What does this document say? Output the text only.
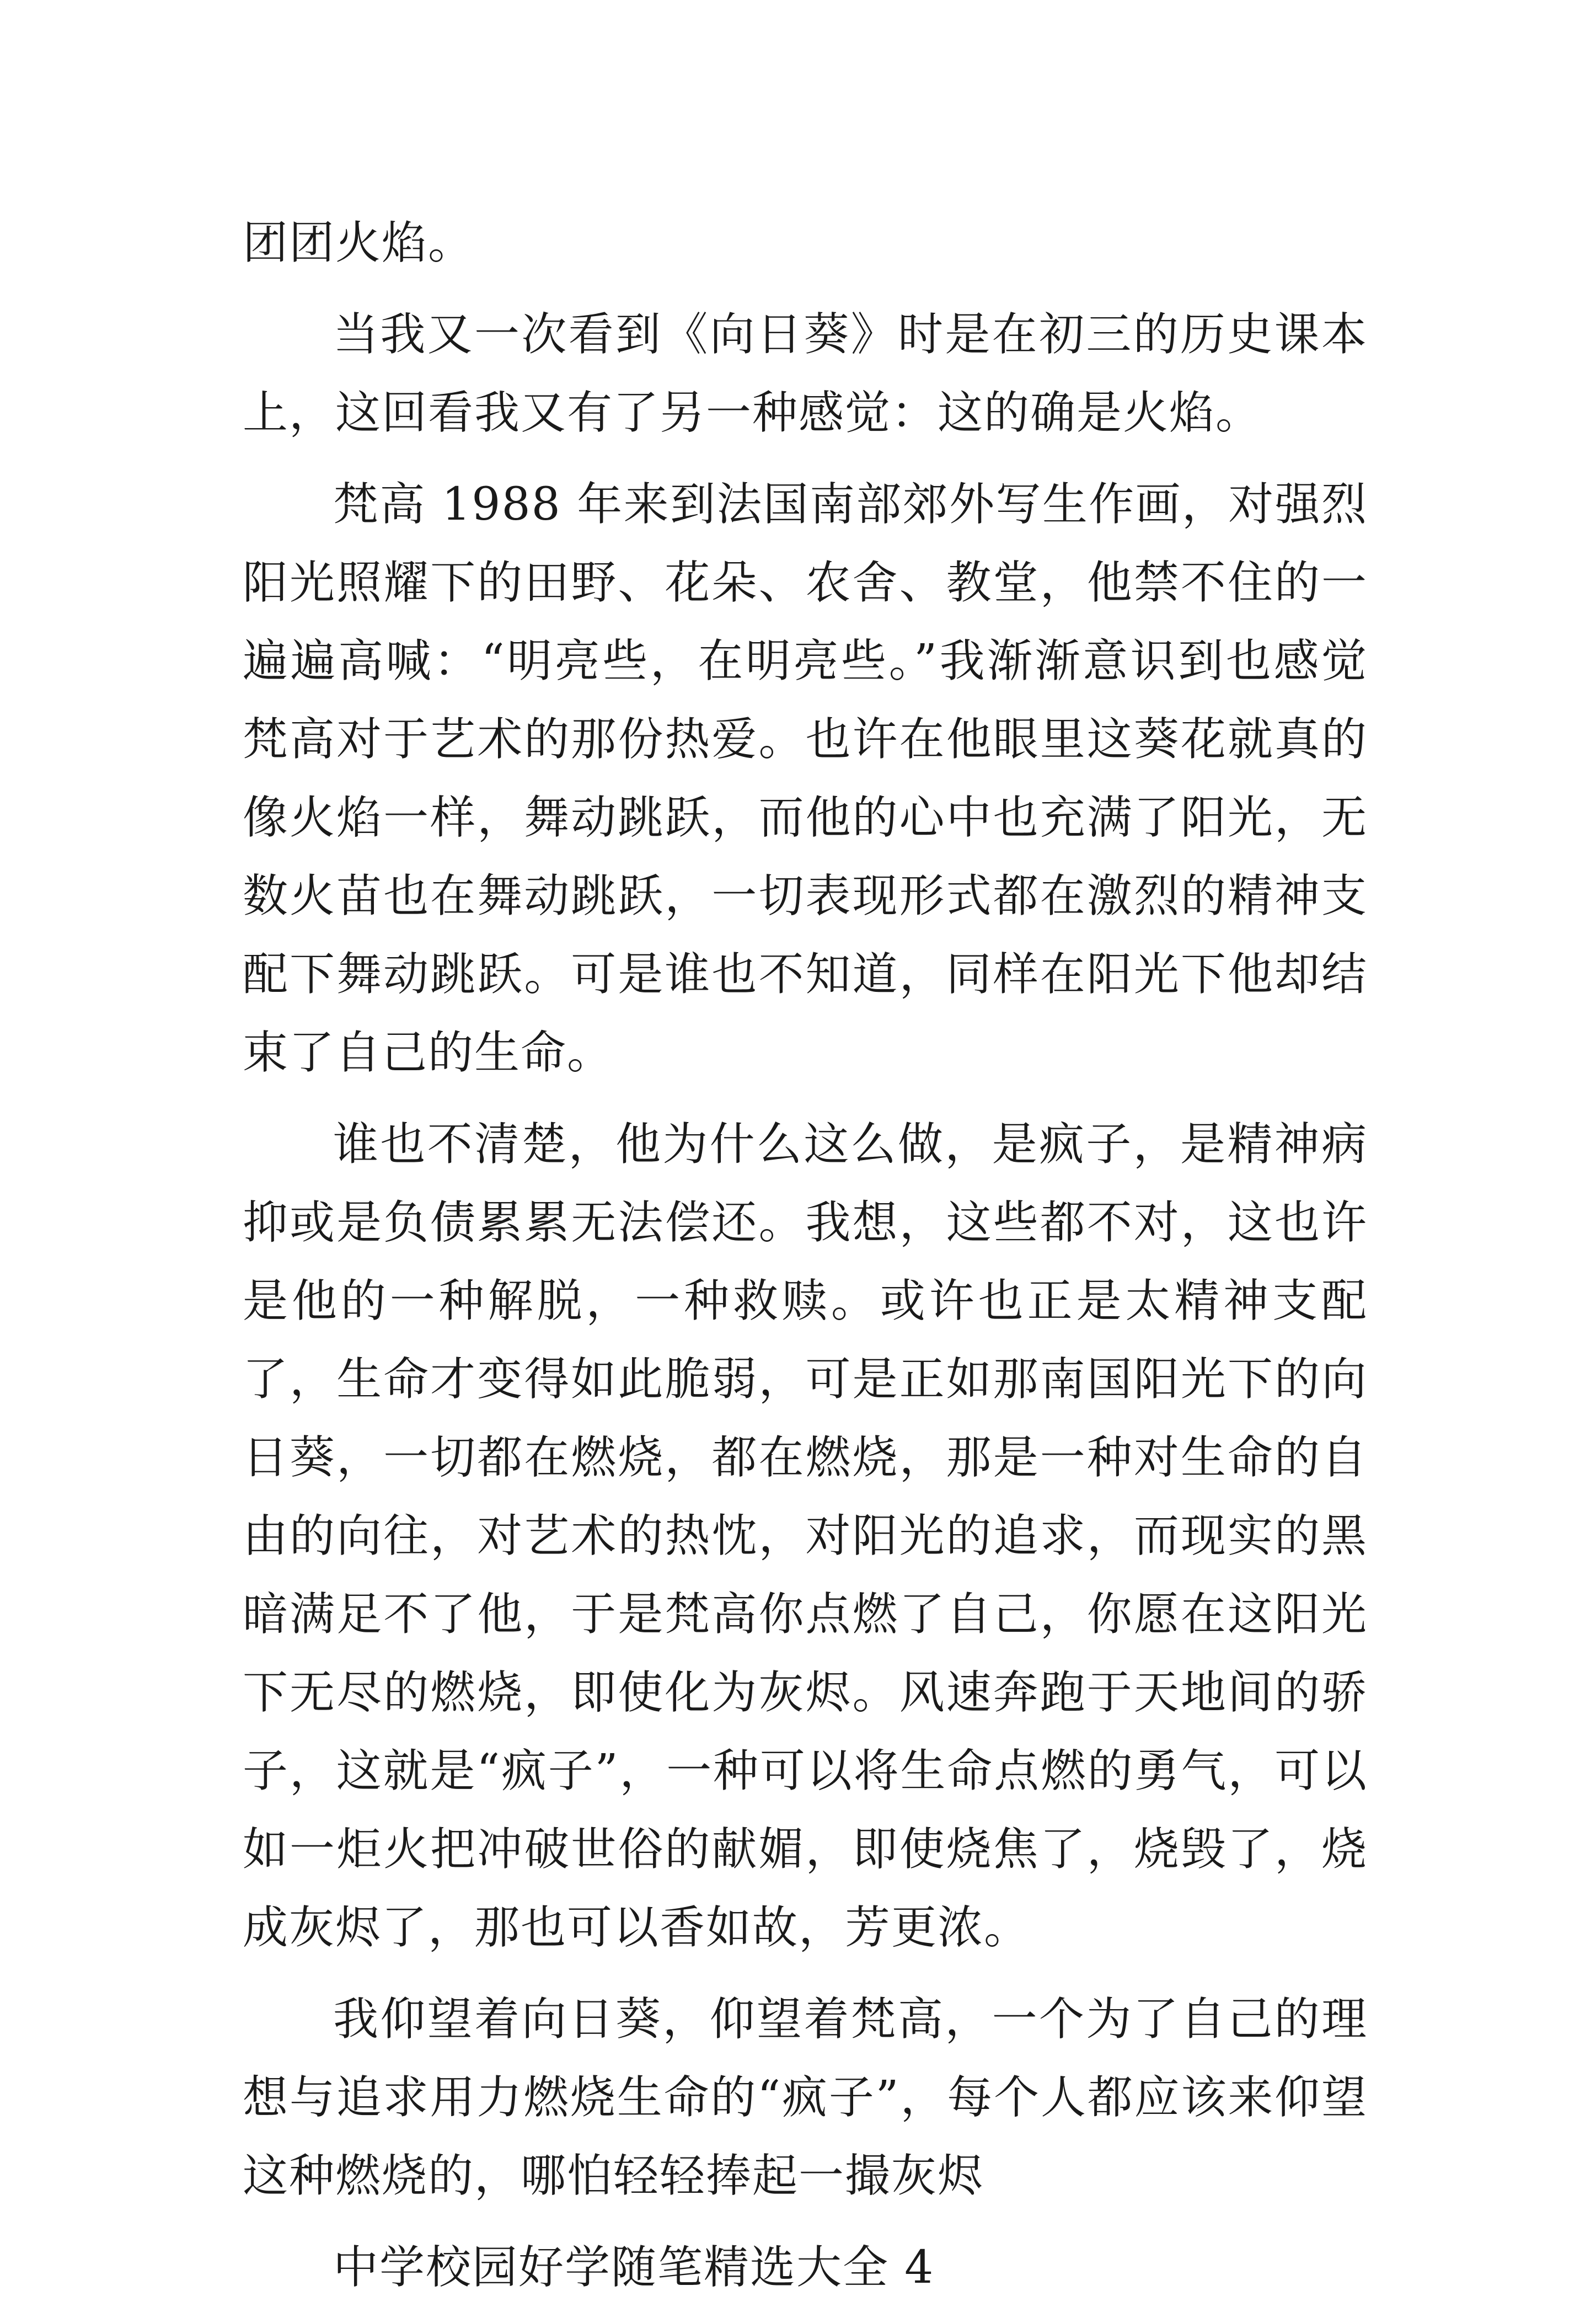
团团火焰。

当我又一次看到《向日葵》时是在初三的历史课本上，这回看我又有了另一种感觉：这的确是火焰。

梵高 1988 年来到法国南部郊外写生作画，对强烈阳光照耀下的田野、花朵、农舍、教堂，他禁不住的一遍遍高喊：“明亮些，在明亮些。”我渐渐意识到也感觉梵高对于艺术的那份热爱。也许在他眼里这葵花就真的像火焰一样，舞动跳跃，而他的心中也充满了阳光，无数火苗也在舞动跳跃，一切表现形式都在激烈的精神支配下舞动跳跃。可是谁也不知道，同样在阳光下他却结束了自己的生命。

谁也不清楚，他为什么这么做，是疯子，是精神病抑或是负债累累无法偿还。我想，这些都不对，这也许是他的一种解脱，一种救赎。或许也正是太精神支配了，生命才变得如此脆弱，可是正如那南国阳光下的向日葵，一切都在燃烧，都在燃烧，那是一种对生命的自由的向往，对艺术的热忱，对阳光的追求，而现实的黑暗满足不了他，于是梵高你点燃了自己，你愿在这阳光下无尽的燃烧，即使化为灰烬。风速奔跑于天地间的骄子，这就是“疯子”，一种可以将生命点燃的勇气，可以如一炬火把冲破世俗的献媚，即使烧焦了，烧毁了，烧成灰烬了，那也可以香如故，芳更浓。

我仰望着向日葵，仰望着梵高，一个为了自己的理想与追求用力燃烧生命的“疯子”，每个人都应该来仰望这种燃烧的，哪怕轻轻捧起一撮灰烬

中学校园好学随笔精选大全 4
